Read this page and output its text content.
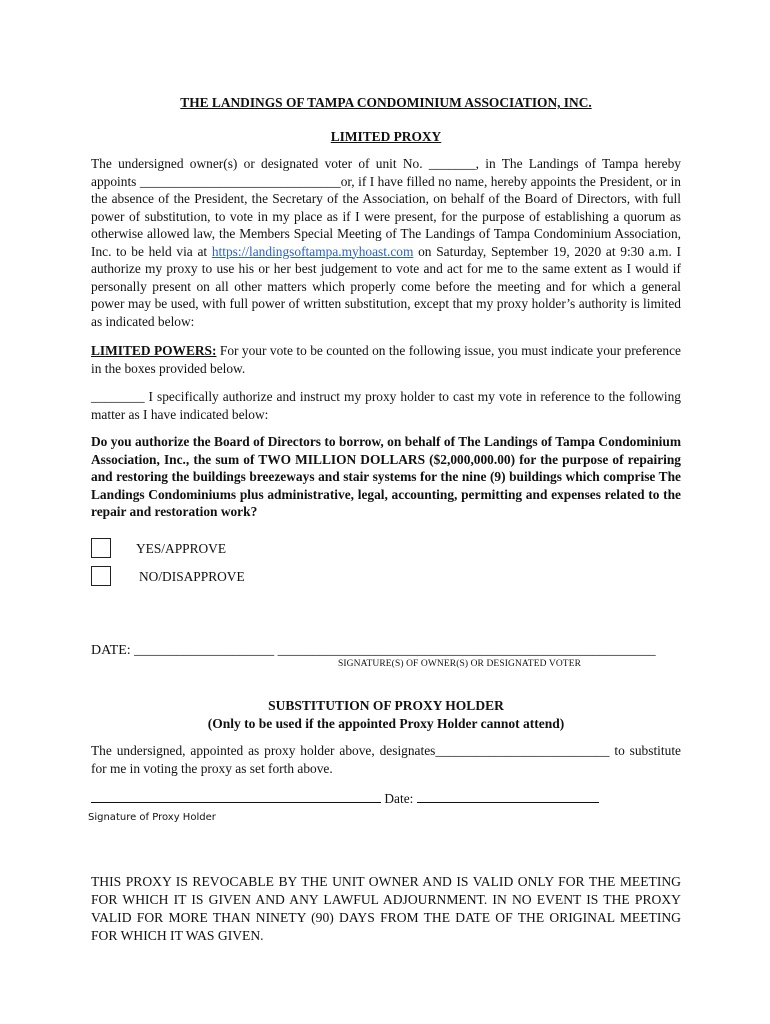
THE LANDINGS OF TAMPA CONDOMINIUM ASSOCIATION, INC.

LIMITED PROXY

The undersigned owner(s) or designated voter of unit No. _______, in The Landings of Tampa hereby appoints ______________________________or, if I have filled no name, hereby appoints the President, or in the absence of the President, the Secretary of the Association, on behalf of the Board of Directors, with full power of substitution, to vote in my place as if I were present, for the purpose of establishing a quorum as otherwise allowed law, the Members Special Meeting of The Landings of Tampa Condominium Association, Inc. to be held via at https://landingsoftampa.myhoast.com on Saturday, September 19, 2020 at 9:30 a.m. I authorize my proxy to use his or her best judgement to vote and act for me to the same extent as I would if personally present on all other matters which properly come before the meeting and for which a general power may be used, with full power of written substitution, except that my proxy holder’s authority is limited as indicated below:

LIMITED POWERS: For your vote to be counted on the following issue, you must indicate your preference in the boxes provided below.

________ I specifically authorize and instruct my proxy holder to cast my vote in reference to the following matter as I have indicated below:

Do you authorize the Board of Directors to borrow, on behalf of The Landings of Tampa Condominium Association, Inc., the sum of TWO MILLION DOLLARS ($2,000,000.00) for the purpose of repairing and restoring the buildings breezeways and stair systems for the nine (9) buildings which comprise The Landings Condominiums plus administrative, legal, accounting, permitting and expenses related to the repair and restoration work?

YES/APPROVE
NO/DISAPPROVE
DATE: ____________________ ______________________________________________________
SIGNATURE(S) OF OWNER(S) OR DESIGNATED VOTER

SUBSTITUTION OF PROXY HOLDER

(Only to be used if the appointed Proxy Holder cannot attend)

The undersigned, appointed as proxy holder above, designates__________________________ to substitute for me in voting the proxy as set forth above.

Date:
Signature of Proxy Holder

THIS PROXY IS REVOCABLE BY THE UNIT OWNER AND IS VALID ONLY FOR THE MEETING FOR WHICH IT IS GIVEN AND ANY LAWFUL ADJOURNMENT. IN NO EVENT IS THE PROXY VALID FOR MORE THAN NINETY (90) DAYS FROM THE DATE OF THE ORIGINAL MEETING FOR WHICH IT WAS GIVEN.
